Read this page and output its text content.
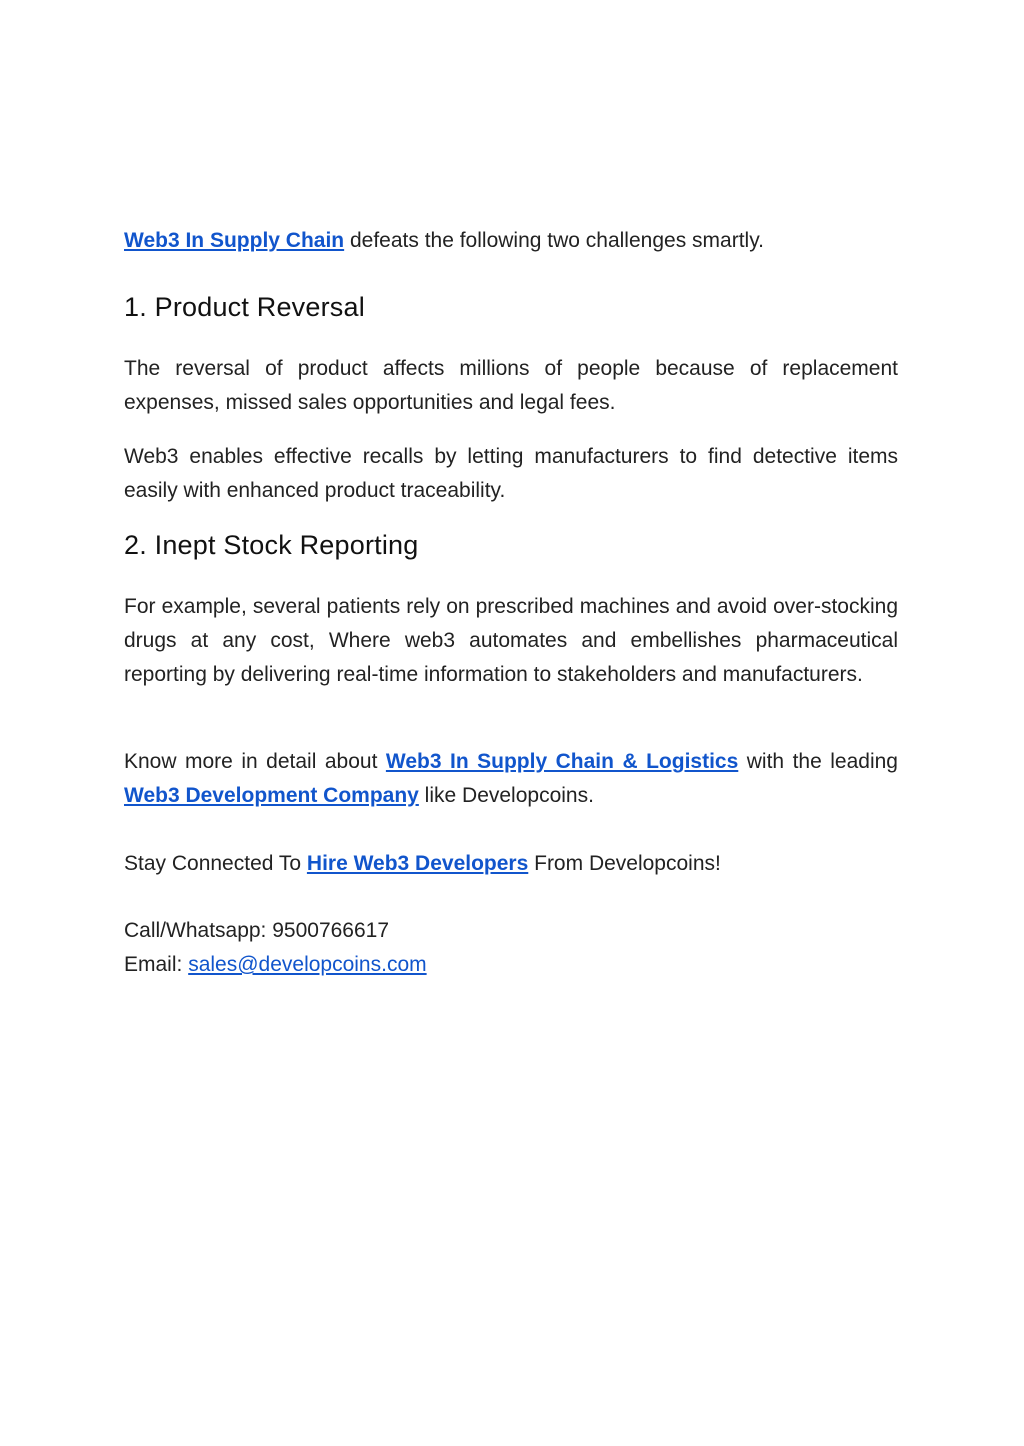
Web3 In Supply Chain defeats the following two challenges smartly.

1. Product Reversal

The reversal of product affects millions of people because of replacement expenses, missed sales opportunities and legal fees.

Web3 enables effective recalls by letting manufacturers to find detective items easily with enhanced product traceability.

2. Inept Stock Reporting

For example, several patients rely on prescribed machines and avoid over-stocking drugs at any cost, Where web3 automates and embellishes pharmaceutical reporting by delivering real-time information to stakeholders and manufacturers.

Know more in detail about Web3 In Supply Chain & Logistics with the leading Web3 Development Company like Developcoins.

Stay Connected To Hire Web3 Developers From Developcoins!

Call/Whatsapp: 9500766617
Email: sales@developcoins.com
